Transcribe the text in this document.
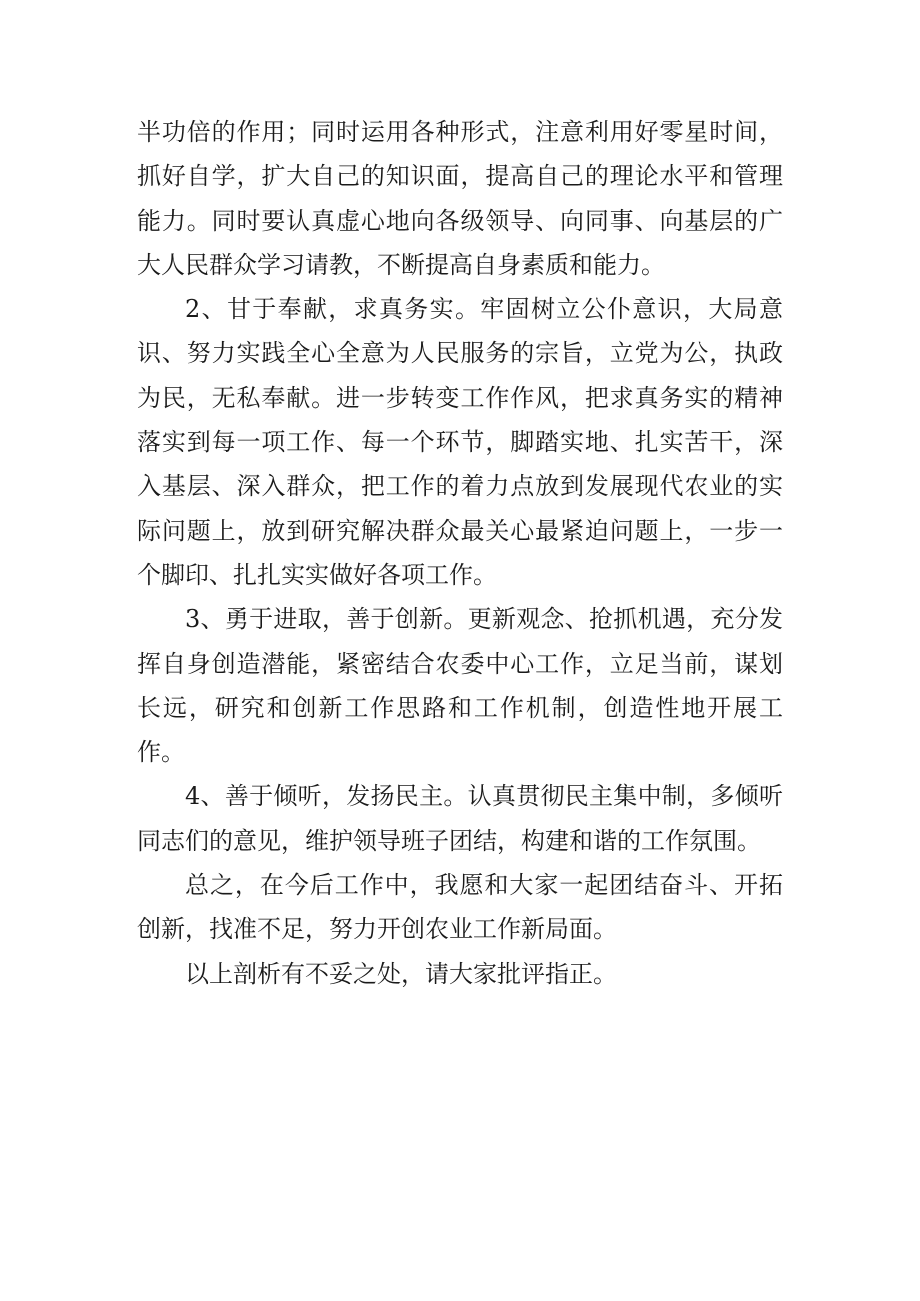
半功倍的作用；同时运用各种形式，注意利用好零星时间，抓好自学，扩大自己的知识面，提高自己的理论水平和管理能力。同时要认真虚心地向各级领导、向同事、向基层的广大人民群众学习请教，不断提高自身素质和能力。

2、甘于奉献，求真务实。牢固树立公仆意识，大局意识、努力实践全心全意为人民服务的宗旨，立党为公，执政为民，无私奉献。进一步转变工作作风，把求真务实的精神落实到每一项工作、每一个环节，脚踏实地、扎实苦干，深入基层、深入群众，把工作的着力点放到发展现代农业的实际问题上，放到研究解决群众最关心最紧迫问题上，一步一个脚印、扎扎实实做好各项工作。

3、勇于进取，善于创新。更新观念、抢抓机遇，充分发挥自身创造潜能，紧密结合农委中心工作，立足当前，谋划长远，研究和创新工作思路和工作机制，创造性地开展工作。

4、善于倾听，发扬民主。认真贯彻民主集中制，多倾听同志们的意见，维护领导班子团结，构建和谐的工作氛围。

总之，在今后工作中，我愿和大家一起团结奋斗、开拓创新，找准不足，努力开创农业工作新局面。

以上剖析有不妥之处，请大家批评指正。
